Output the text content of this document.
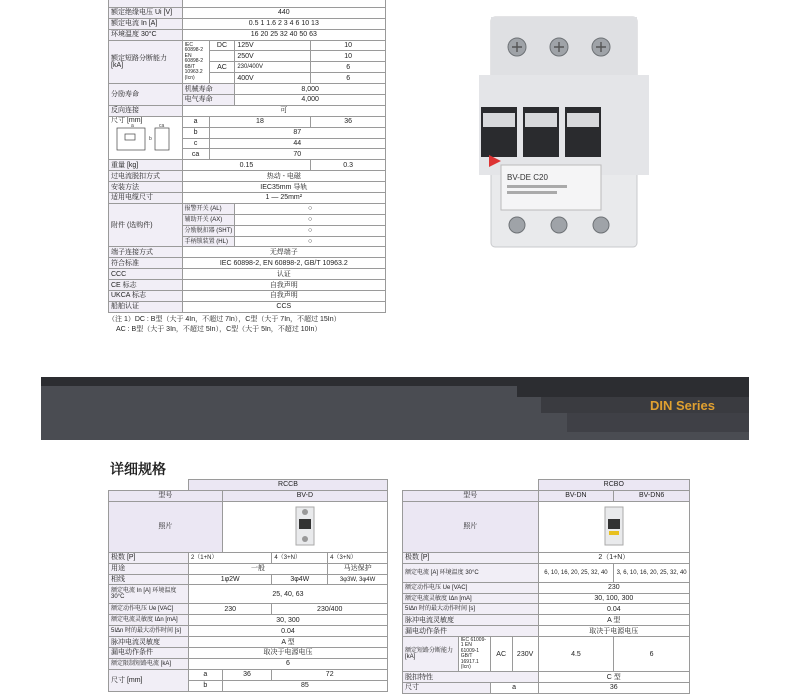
额定绝缘电压 Ui [V]	440			
额定电流 In [A]	0.5 1 1.6 2 3 4 6 10 13			
环境温度 30°C	16 20 25 32 40 50 63			
额定短路分断能力 [kA]	IEC 60898-2 EN 60898-2 6B/T 10963.2 (Icn)	DC	125V	10
			250V	10
		AC	230/400V	6
			400V	6
分励寿命	机械寿命		8,000	
	电气寿命		4,000	
反向连接	可			

尺寸 [mm]
a ca
b	a	18		36
	b	87		
	c	44		
	ca	70		
重量 [kg]	0.15			0.3
过电流脱扣方式	热动 - 电磁			
安装方法	IEC35mm 导轨			
适用电缆尺寸	1 ― 25mm²			
附件 (选购件)	报警开关 (AL)		○	
	辅助开关 (AX)		○	
	分励脱扣器 (SHT)		○	
	手柄锁装置 (HL)		○	
端子连接方式	无焊端子			
符合标准	IEC 60898-2, EN 60898-2, GB/T 10963.2			
CCC	认证			
CE 标志	自我声明			
UKCA 标志	自我声明			
船舶认证	CCS			
（注 1）DC : B型（大于 4In，不超过 7In），C型（大于 7In，不超过 15In）
AC : B型（大于 3In，不超过 5In），C型（大于 5In，不超过 10In）
BV-DE C20
DIN Series
详细规格
	RCCB			
型号		BV-D		
照片	
极数 [P]	2（1+N）		4（3+N）	4（3+N）
用途	一般			马达保护
相线	1φ2W		3φ4W	3φ3W, 3φ4W
额定电流 In [A] 环境温度 30°C	25, 40, 63			
额定动作电压 Ue [VAC]	230		230/400	
额定电流灵敏度 IΔn [mA]	30, 300			
5IΔn 时的最大动作时间 [s]	0.04			
脉冲电流灵敏度	A 型			
漏电动作条件	取决于电源电压			
额定限制短路电流 [kA]	6			
尺寸 [mm]	a	36	72	
	b	85		
				RCBO	
型号				BV-DN	BV-DN6
照片	
极数 [P]				2（1+N）	
额定电流 [A] 环境温度 30°C				6, 10, 16, 20, 25, 32, 40	3, 6, 10, 16, 20, 25, 32, 40
额定动作电压 Ue [VAC]				230	
额定电流灵敏度 IΔn [mA]				30, 100, 300	
5IΔn 时的最大动作时间 [s]				0.04	
脉冲电流灵敏度				A 型	
漏电动作条件				取决于电源电压	
额定短路分断能力 [kA]	IEC 61009-1 EN 61009-1 GB/T 16917.1 (Icn)	AC	230V	4.5	6
脱扣特性				C 型	
尺寸		a		36	
